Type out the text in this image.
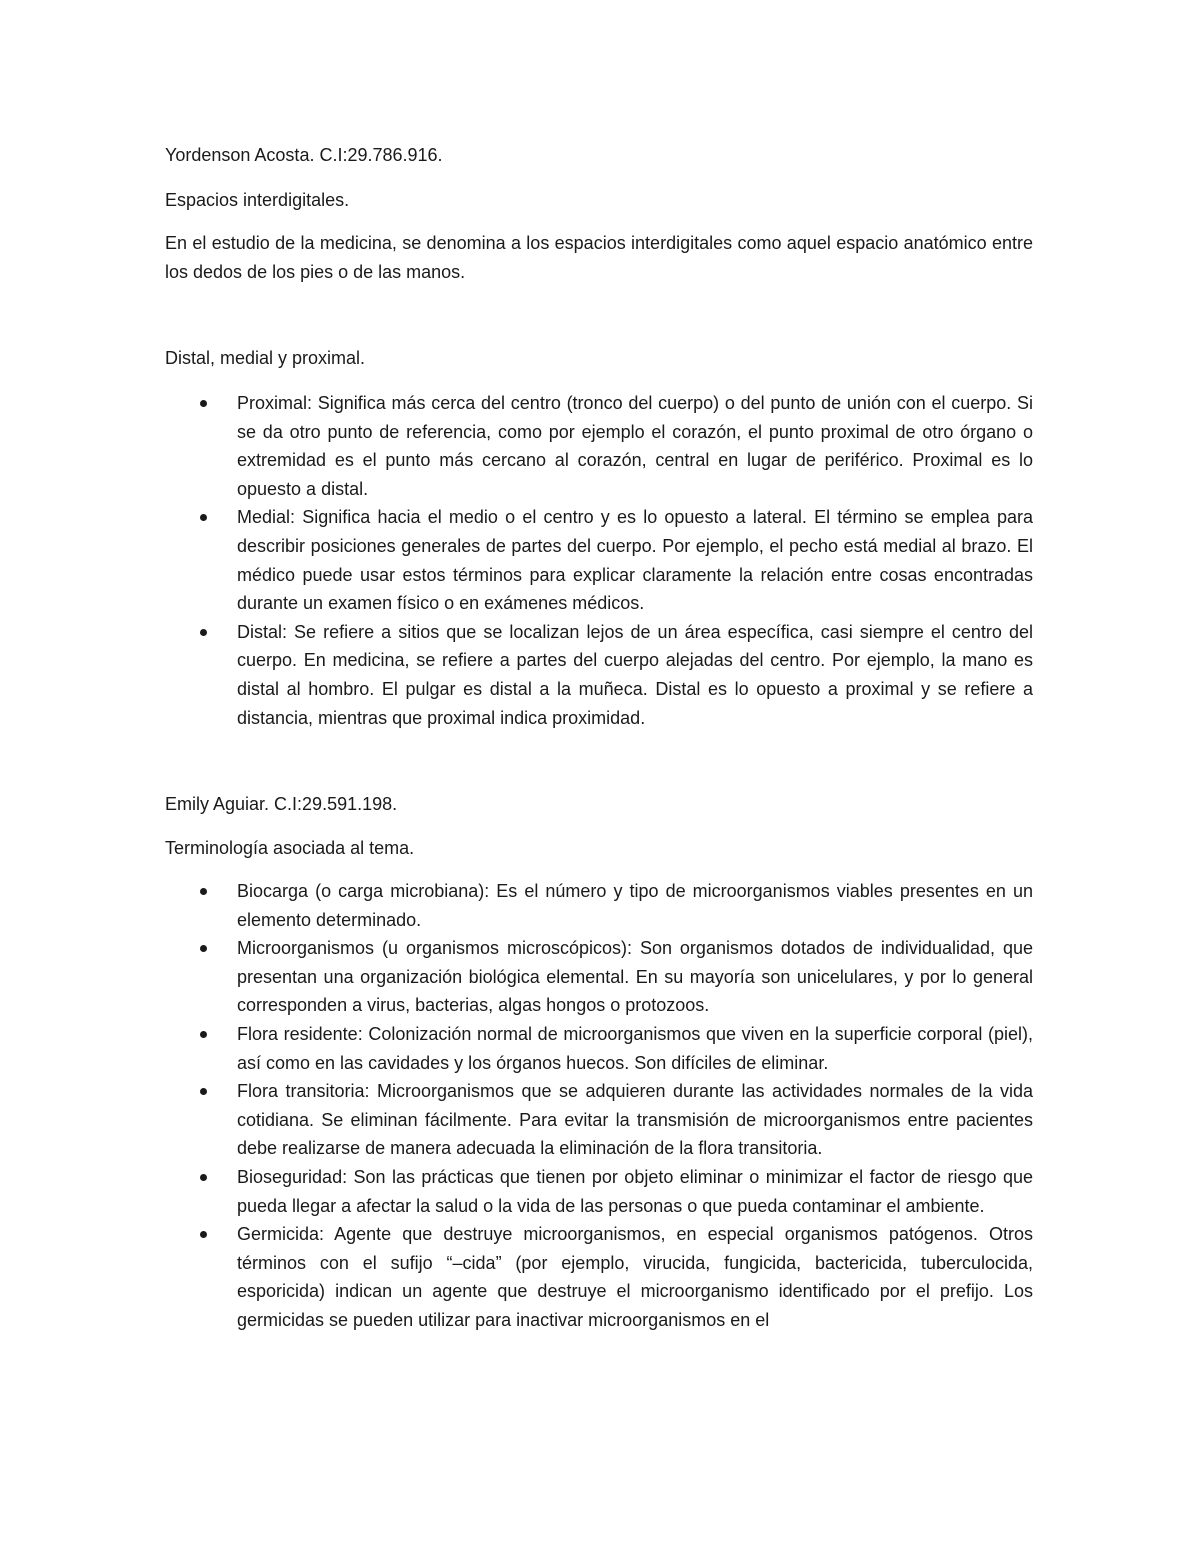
Yordenson Acosta. C.I:29.786.916.

Espacios interdigitales.

En el estudio de la medicina, se denomina a los espacios interdigitales como aquel espacio anatómico entre los dedos de los pies o de las manos.

Distal, medial y proximal.

Proximal: Significa más cerca del centro (tronco del cuerpo) o del punto de unión con el cuerpo. Si se da otro punto de referencia, como por ejemplo el corazón, el punto proximal de otro órgano o extremidad es el punto más cercano al corazón, central en lugar de periférico. Proximal es lo opuesto a distal.
Medial: Significa hacia el medio o el centro y es lo opuesto a lateral. El término se emplea para describir posiciones generales de partes del cuerpo. Por ejemplo, el pecho está medial al brazo. El médico puede usar estos términos para explicar claramente la relación entre cosas encontradas durante un examen físico o en exámenes médicos.
Distal: Se refiere a sitios que se localizan lejos de un área específica, casi siempre el centro del cuerpo. En medicina, se refiere a partes del cuerpo alejadas del centro. Por ejemplo, la mano es distal al hombro. El pulgar es distal a la muñeca. Distal es lo opuesto a proximal y se refiere a distancia, mientras que proximal indica proximidad.

Emily Aguiar. C.I:29.591.198.

Terminología asociada al tema.

Biocarga (o carga microbiana): Es el número y tipo de microorganismos viables presentes en un elemento determinado.
Microorganismos (u organismos microscópicos): Son organismos dotados de individualidad, que presentan una organización biológica elemental. En su mayoría son unicelulares, y por lo general corresponden a virus, bacterias, algas hongos o protozoos.
Flora residente: Colonización normal de microorganismos que viven en la superficie corporal (piel), así como en las cavidades y los órganos huecos. Son difíciles de eliminar.
Flora transitoria: Microorganismos que se adquieren durante las actividades normales de la vida cotidiana. Se eliminan fácilmente. Para evitar la transmisión de microorganismos entre pacientes debe realizarse de manera adecuada la eliminación de la flora transitoria.
Bioseguridad: Son las prácticas que tienen por objeto eliminar o minimizar el factor de riesgo que pueda llegar a afectar la salud o la vida de las personas o que pueda contaminar el ambiente.
Germicida: Agente que destruye microorganismos, en especial organismos patógenos. Otros términos con el sufijo “–cida” (por ejemplo, virucida, fungicida, bactericida, tuberculocida, esporicida) indican un agente que destruye el microorganismo identificado por el prefijo. Los germicidas se pueden utilizar para inactivar microorganismos en el
